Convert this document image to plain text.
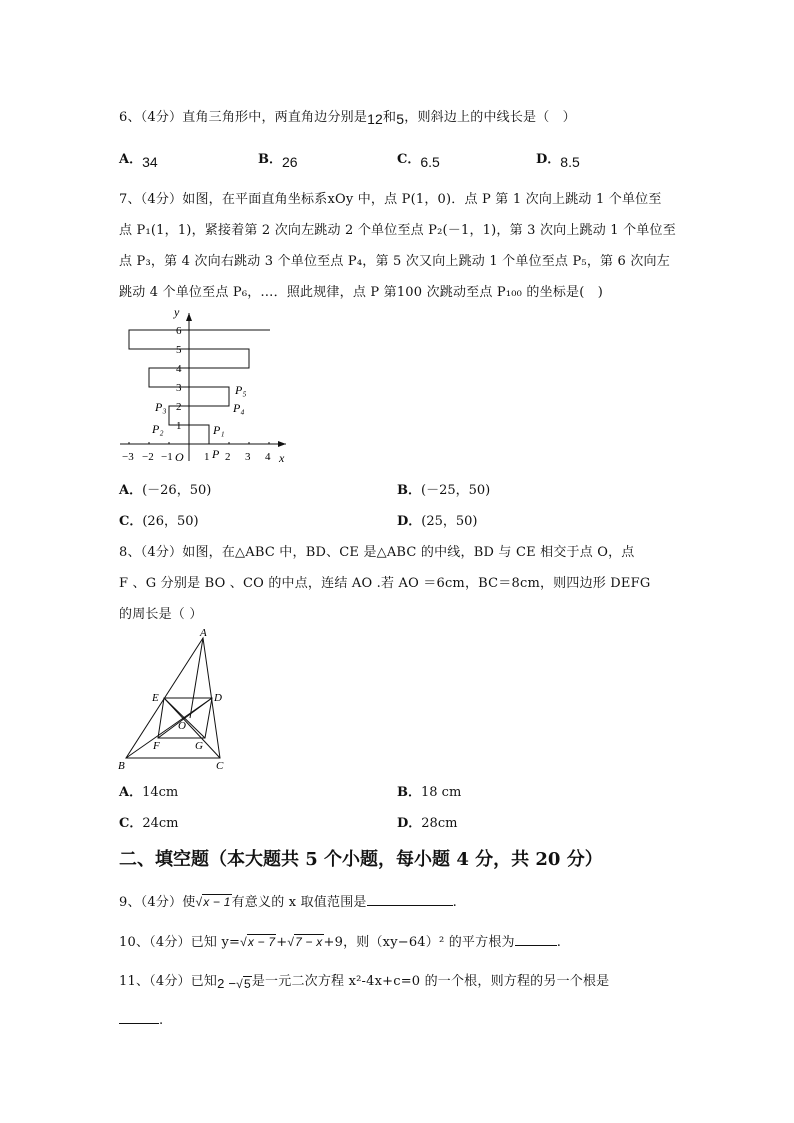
6、（4分）直角三角形中，两直角边分别是12和5，则斜边上的中线长是（　）
A．34	B．26	C．6.5	D．8.5
7、（4分）如图，在平面直角坐标系xOy 中，点 P(1，0)．点 P 第 1 次向上跳动 1 个单位至
点 P₁(1，1)，紧接着第 2 次向左跳动 2 个单位至点 P₂(－1，1)，第 3 次向上跳动 1 个单位至
点 P₃，第 4 次向右跳动 3 个单位至点 P₄，第 5 次又向上跳动 1 个单位至点 P₅，第 6 次向左
跳动 4 个单位至点 P₆，…．照此规律，点 P 第100 次跳动至点 P₁₀₀ 的坐标是(　)
y
x
O
1
2
3
4
5
6
−3 −2 −1	1 2 3 4
P
P₁
P₂
P₃	P₄
P₅
A．(－26，50)	B．(－25，50)
C．(26，50)	D．(25，50)
8、（4分）如图，在△ABC 中，BD、CE 是△ABC 的中线，BD 与 CE 相交于点 O，点
F 、G 分别是 BO 、CO 的中点，连结 AO .若 AO ＝6cm，BC＝8cm，则四边形 DEFG
的周长是（ ）
A
B	C
D
E
F	G
O
A．14cm	B．18 cm
C．24cm	D．28cm
二、填空题（本大题共 5 个小题，每小题 4 分，共 20 分）
9、（4分）使√x − 1有意义的 x 取值范围是	.
10、（4分）已知 y=√x − 7+√7 − x+9，则（xy−64）² 的平方根为	.
11、（4分）已知2 −√5是一元二次方程 x²-4x+c=0 的一个根，则方程的另一个根是
.
